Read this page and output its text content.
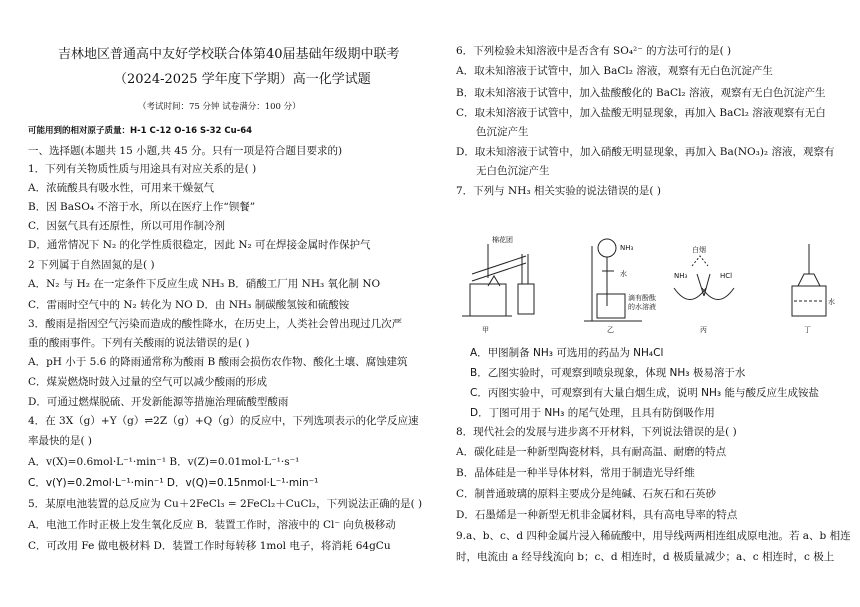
吉林地区普通高中友好学校联合体第40届基础年级期中联考
（2024-2025 学年度下学期）高一化学试题
（考试时间：75 分钟 试卷满分：100 分）
可能用到的相对原子质量：H-1 C-12 O-16 S-32 Cu-64
一、选择题(本题共 15 小题,共 45 分。只有一项是符合题目要求的)
1．下列有关物质性质与用途具有对应关系的是( )
A．浓硫酸具有吸水性，可用来干燥氨气
B．因 BaSO₄ 不溶于水，所以在医疗上作“钡餐”
C．因氨气具有还原性，所以可用作制冷剂
D．通常情况下 N₂ 的化学性质很稳定，因此 N₂ 可在焊接金属时作保护气
2 下列属于自然固氮的是( )
A．N₂ 与 H₂ 在一定条件下反应生成 NH₃ B．硝酸工厂用 NH₃ 氧化制 NO
C．雷雨时空气中的 N₂ 转化为 NO D．由 NH₃ 制碳酸氢铵和硫酸铵
3．酸雨是指因空气污染而造成的酸性降水，在历史上，人类社会曾出现过几次严
重的酸雨事件。下列有关酸雨的说法错误的是( )
A．pH 小于 5.6 的降雨通常称为酸雨 B 酸雨会损伤农作物、酸化土壤、腐蚀建筑
C．煤炭燃烧时鼓入过量的空气可以减少酸雨的形成
D．可通过燃煤脱硫、开发新能源等措施治理硫酸型酸雨
4．在 3X（g）+Y（g）⇌2Z（g）+Q（g）的反应中，下列选项表示的化学反应速
率最快的是( )
A．v(X)=0.6mol·L⁻¹·min⁻¹ B．v(Z)=0.01mol·L⁻¹·s⁻¹
C．v(Y)=0.2mol·L⁻¹·min⁻¹ D．v(Q)=0.15nmol·L⁻¹·min⁻¹
5．某原电池装置的总反应为 Cu＋2FeCl₃ = 2FeCl₂＋CuCl₂，下列说法正确的是( )
A．电池工作时正极上发生氧化反应 B．装置工作时，溶液中的 Cl⁻ 向负极移动
C．可改用 Fe 做电极材料 D．装置工作时每转移 1mol 电子，将消耗 64gCu
6．下列检验未知溶液中是否含有 SO₄²⁻ 的方法可行的是( )
A．取未知溶液于试管中，加入 BaCl₂ 溶液，观察有无白色沉淀产生
B．取未知溶液于试管中，加入盐酸酸化的 BaCl₂ 溶液，观察有无白色沉淀产生
C．取未知溶液于试管中，加入盐酸无明显现象，再加入 BaCl₂ 溶液观察有无白
色沉淀产生
D．取未知溶液于试管中，加入硝酸无明显现象，再加入 Ba(NO₃)₂ 溶液，观察有
无白色沉淀产生
7．下列与 NH₃ 相关实验的说法错误的是( )
棉花团
NH₃
水
滴有酚酞
的水溶液
白烟
HCl
NH₃
水
甲	乙	丙	丁
A．甲图制备 NH₃ 可选用的药品为 NH₄Cl
B．乙图实验时，可观察到喷泉现象，体现 NH₃ 极易溶于水
C．丙图实验中，可观察到有大量白烟生成，说明 NH₃ 能与酸反应生成铵盐
D．丁图可用于 NH₃ 的尾气处理，且具有防倒吸作用
8．现代社会的发展与进步离不开材料，下列说法错误的是( )
A．碳化硅是一种新型陶瓷材料，具有耐高温、耐磨的特点
B．晶体硅是一种半导体材料，常用于制造光导纤维
C．制普通玻璃的原料主要成分是纯碱、石灰石和石英砂
D．石墨烯是一种新型无机非金属材料，具有高电导率的特点
9.a、b、c、d 四种金属片浸入稀硫酸中，用导线两两相连组成原电池。若 a、b 相连
时，电流由 a 经导线流向 b；c、d 相连时，d 极质量减少；a、c 相连时，c 极上
